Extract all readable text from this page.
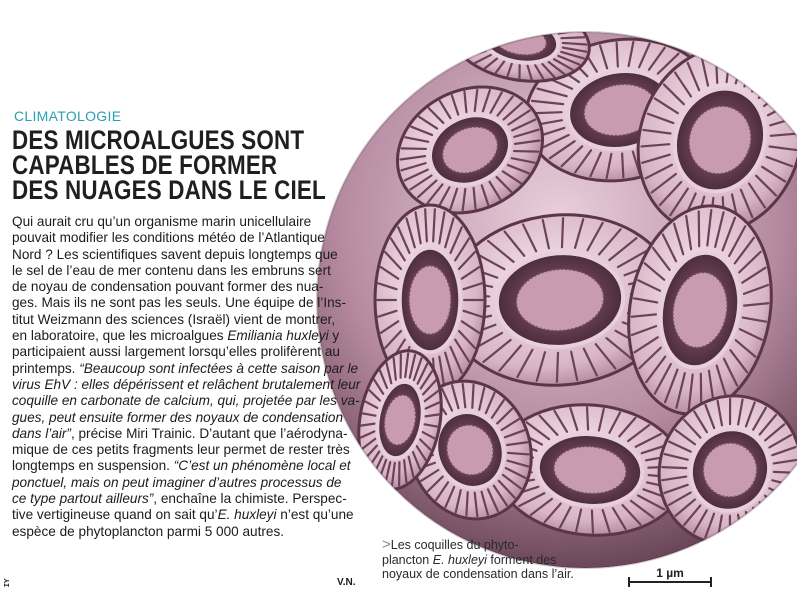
CLIMATOLOGIE
DES MICROALGUES SONT
CAPABLES DE FORMER
DES NUAGES DANS LE CIEL
Qui aurait cru qu’un organisme marin unicellulaire
pouvait modifier les conditions météo de l’Atlantique
Nord ? Les scientifiques savent depuis longtemps que
le sel de l’eau de mer contenu dans les embruns sert
de noyau de condensation pouvant former des nua-
ges. Mais ils ne sont pas les seuls. Une équipe de l’Ins-
titut Weizmann des sciences (Israël) vient de montrer,
en laboratoire, que les microalgues Emiliania huxleyi y
participaient aussi largement lorsqu’elles prolifèrent au
printemps. “Beaucoup sont infectées à cette saison par le
virus EhV : elles dépérissent et relâchent brutalement leur
coquille en carbonate de calcium, qui, projetée par les va-
gues, peut ensuite former des noyaux de condensation
dans l’air”, précise Miri Trainic. D’autant que l’aérodyna-
mique de ces petits fragments leur permet de rester très
longtemps en suspension. “C’est un phénomène local et
ponctuel, mais on peut imaginer d’autres processus de
ce type partout ailleurs”, enchaîne la chimiste. Perspec-
tive vertigineuse quand on sait qu’E. huxleyi n’est qu’une
espèce de phytoplancton parmi 5 000 autres.
V.N.
ɪʏ
>Les coquilles du phyto-
plancton E. huxleyi forment des
noyaux de condensation dans l’air.	1 µm
